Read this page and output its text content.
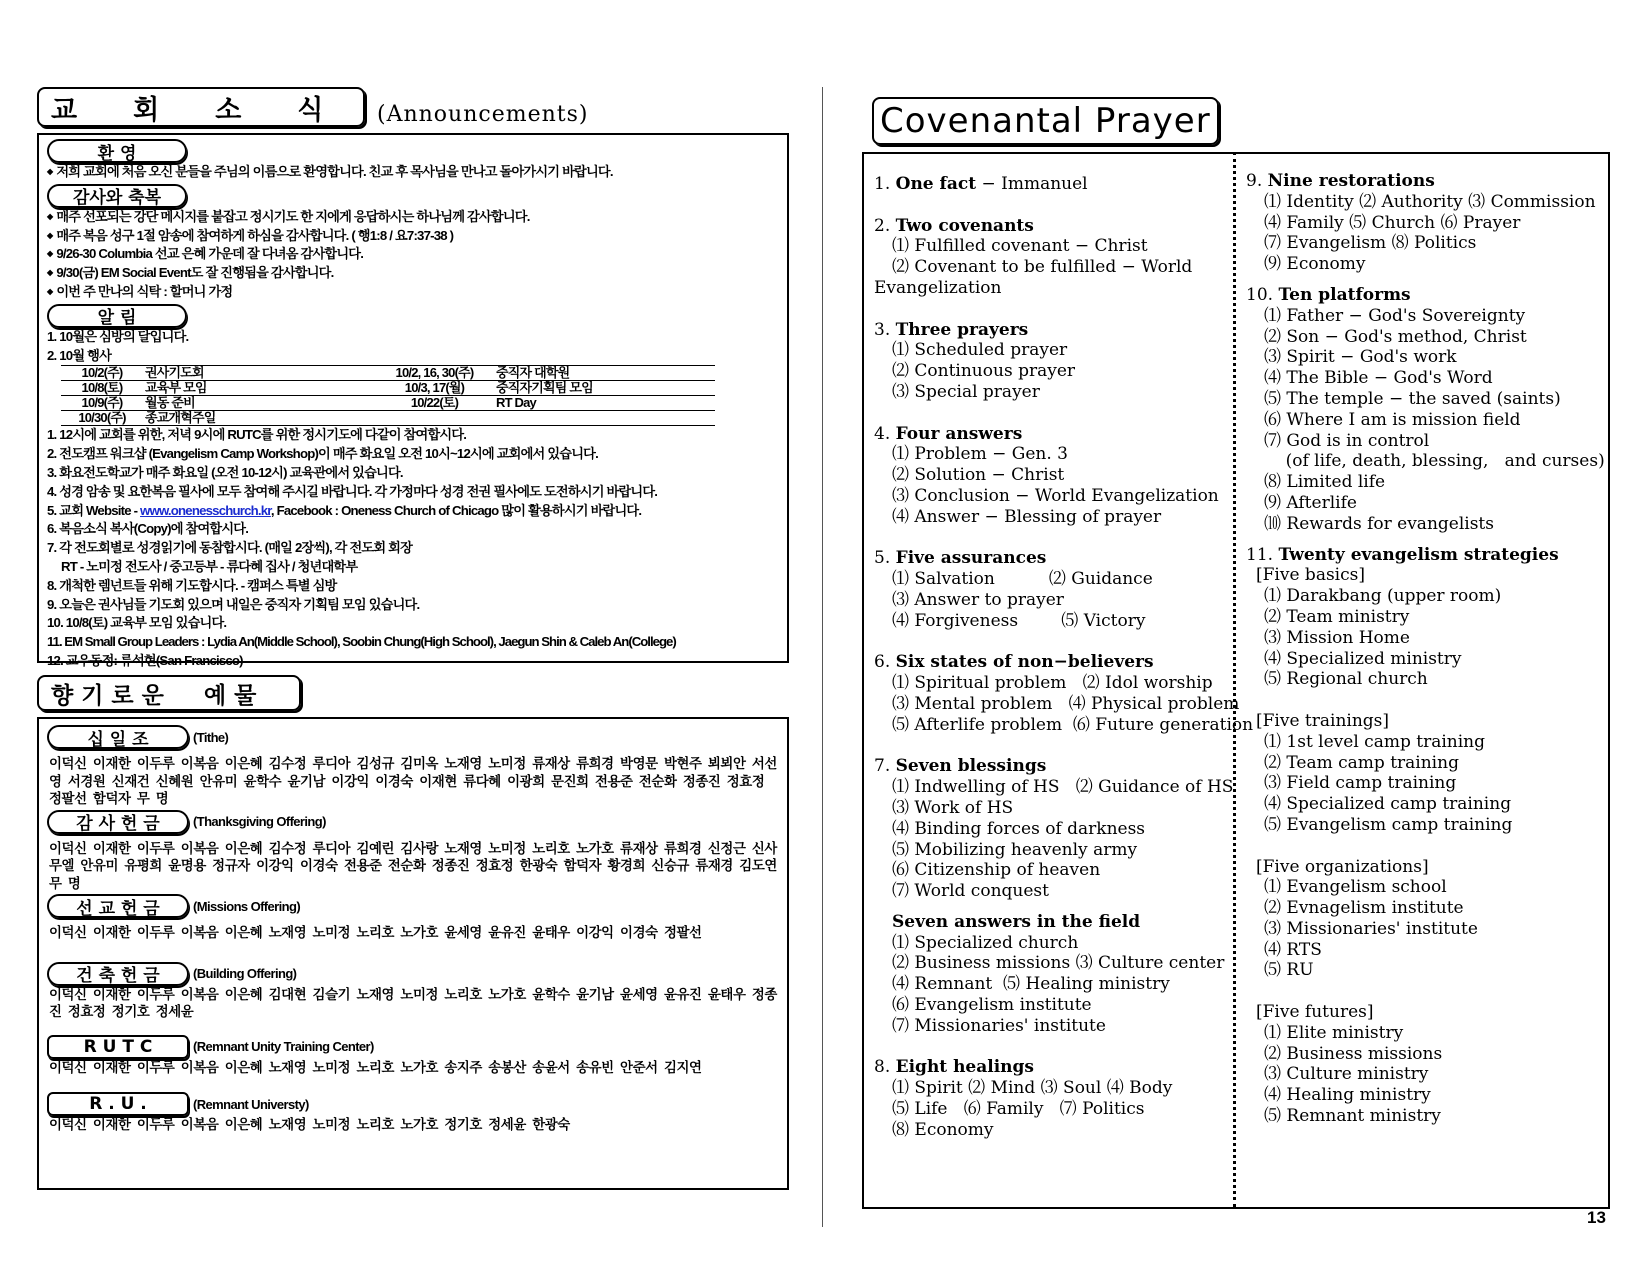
교 회 소 식 (Announcements)
환 영
◆ 저희 교회에 처음 오신 분들을 주님의 이름으로 환영합니다. 친교 후 목사님을 만나고 돌아가시기 바랍니다.
감사와 축복
◆ 매주 선포되는 강단 메시지를 붙잡고 정시기도 한 지에게 응답하시는 하나님께 감사합니다.
◆ 매주 복음 성구 1절 암송에 참여하게 하심을 감사합니다. ( 행1:8 / 요7:37-38 )
◆ 9/26-30 Columbia 선교 은혜 가운데 잘 다녀옴 감사합니다.
◆ 9/30(금) EM Social Event도 잘 진행됨을 감사합니다.
◆ 이번 주 만나의 식탁 : 할머니 가정
알 림
1. 10월은 심방의 달입니다.
2. 10월 행사
10/2(주)	권사기도회	10/2, 16, 30(주)	중직자 대학원
10/8(토)	교육부 모임	10/3, 17(월)	중직자기획팀 모임
10/9(주)	월동 준비	10/22(토)	RT Day
10/30(주)	종교개혁주일		
1. 12시에 교회를 위한, 저녁 9시에 RUTC를 위한 정시기도에 다같이 참여합시다.
2. 전도캠프 워크샵 (Evangelism Camp Workshop)이 매주 화요일 오전 10시~12시에 교회에서 있습니다.
3. 화요전도학교가 매주 화요일 (오전 10-12시) 교육관에서 있습니다.
4. 성경 암송 및 요한복음 필사에 모두 참여해 주시길 바랍니다. 각 가정마다 성경 전권 필사에도 도전하시기 바랍니다.
5. 교회 Website - www.onenesschurch.kr, Facebook : Oneness Church of Chicago 많이 활용하시기 바랍니다.
6. 복음소식 복사(Copy)에 참여합시다.
7. 각 전도회별로 성경읽기에 동참합시다. (매일 2장씩), 각 전도회 회장
RT - 노미정 전도사 / 중고등부 - 류다혜 집사 / 청년대학부
8. 개척한 렘넌트들 위해 기도합시다. - 캠퍼스 특별 심방
9. 오늘은 권사님들 기도회 있으며 내일은 중직자 기획팀 모임 있습니다.
10. 10/8(토) 교육부 모임 있습니다.
11. EM Small Group Leaders : Lydia An(Middle School), Soobin Chung(High School), Jaegun Shin & Caleb An(College)
12. 교우동정: 류석현(San Francisco)
향기로운  예물
십 일 조	(Tithe)
이덕신 이재한 이두루 이복음 이은혜 김수정 루디아 김성규 김미옥 노재영 노미정 류재상 류희경 박영문 박현주 뵈뵈안 서선영 서경원 신재건 신혜원 안유미 윤학수 윤기남 이강익 이경숙 이재현 류다혜 이광희 문진희 전용준 전순화 정종진 정효정 정팔선 함덕자 무 명
감 사 헌 금	(Thanksgiving Offering)
이덕신 이재한 이두루 이복음 이은혜 김수정 루디아 김예린 김사랑 노재영 노미정 노리호 노가호 류재상 류희경 신정근 신사무엘 안유미 유평희 윤명용 정규자 이강익 이경숙 전용준 전순화 정종진 정효정 한광숙 함덕자 황경희 신승규 류재경 김도연 무 명
선 교 헌 금	(Missions Offering)
이덕신 이재한 이두루 이복음 이은혜 노재영 노미정 노리호 노가호 윤세영 윤유진 윤태우 이강익 이경숙 정팔선
건 축 헌 금	(Building Offering)
이덕신 이재한 이두루 이복음 이은혜 김대현 김슬기 노재영 노미정 노리호 노가호 윤학수 윤기남 윤세영 윤유진 윤태우 정종진 정효정 정기호 정세윤
R U T C	(Remnant Unity Training Center)
이덕신 이재한 이두루 이복음 이은혜 노재영 노미정 노리호 노가호 송지주 송봉산 송윤서 송유빈 안준서 김지연
R . U .	(Remnant Universty)
이덕신 이재한 이두루 이복음 이은혜 노재영 노미정 노리호 노가호 정기호 정세윤 한광숙
Covenantal Prayer
1. One fact − Immanuel
2. Two covenants
⑴ Fulfilled covenant − Christ
⑵ Covenant to be fulfilled − World
Evangelization
3. Three prayers
⑴ Scheduled prayer
⑵ Continuous prayer
⑶ Special prayer
4. Four answers
⑴ Problem − Gen. 3
⑵ Solution − Christ
⑶ Conclusion − World Evangelization
⑷ Answer − Blessing of prayer
5. Five assurances
⑴ Salvation          ⑵ Guidance
⑶ Answer to prayer
⑷ Forgiveness        ⑸ Victory
6. Six states of non−believers
⑴ Spiritual problem   ⑵ Idol worship
⑶ Mental problem   ⑷ Physical problem
⑸ Afterlife problem  ⑹ Future generation
7. Seven blessings
⑴ Indwelling of HS   ⑵ Guidance of HS
⑶ Work of HS
⑷ Binding forces of darkness
⑸ Mobilizing heavenly army
⑹ Citizenship of heaven
⑺ World conquest
Seven answers in the field
⑴ Specialized church
⑵ Business missions ⑶ Culture center
⑷ Remnant  ⑸ Healing ministry
⑹ Evangelism institute
⑺ Missionaries' institute
8. Eight healings
⑴ Spirit ⑵ Mind ⑶ Soul ⑷ Body
⑸ Life   ⑹ Family   ⑺ Politics
⑻ Economy
9. Nine restorations
⑴ Identity ⑵ Authority ⑶ Commission
⑷ Family ⑸ Church ⑹ Prayer
⑺ Evangelism ⑻ Politics
⑼ Economy
10. Ten platforms
⑴ Father − God's Sovereignty
⑵ Son − God's method, Christ
⑶ Spirit − God's work
⑷ The Bible − God's Word
⑸ The temple − the saved (saints)
⑹ Where I am is mission field
⑺ God is in control
(of life, death, blessing,   and curses)
⑻ Limited life
⑼ Afterlife
⑽ Rewards for evangelists
11. Twenty evangelism strategies
[Five basics]
⑴ Darakbang (upper room)
⑵ Team ministry
⑶ Mission Home
⑷ Specialized ministry
⑸ Regional church
[Five trainings]
⑴ 1st level camp training
⑵ Team camp training
⑶ Field camp training
⑷ Specialized camp training
⑸ Evangelism camp training
[Five organizations]
⑴ Evangelism school
⑵ Evnagelism institute
⑶ Missionaries' institute
⑷ RTS
⑸ RU
[Five futures]
⑴ Elite ministry
⑵ Business missions
⑶ Culture ministry
⑷ Healing ministry
⑸ Remnant ministry
13
